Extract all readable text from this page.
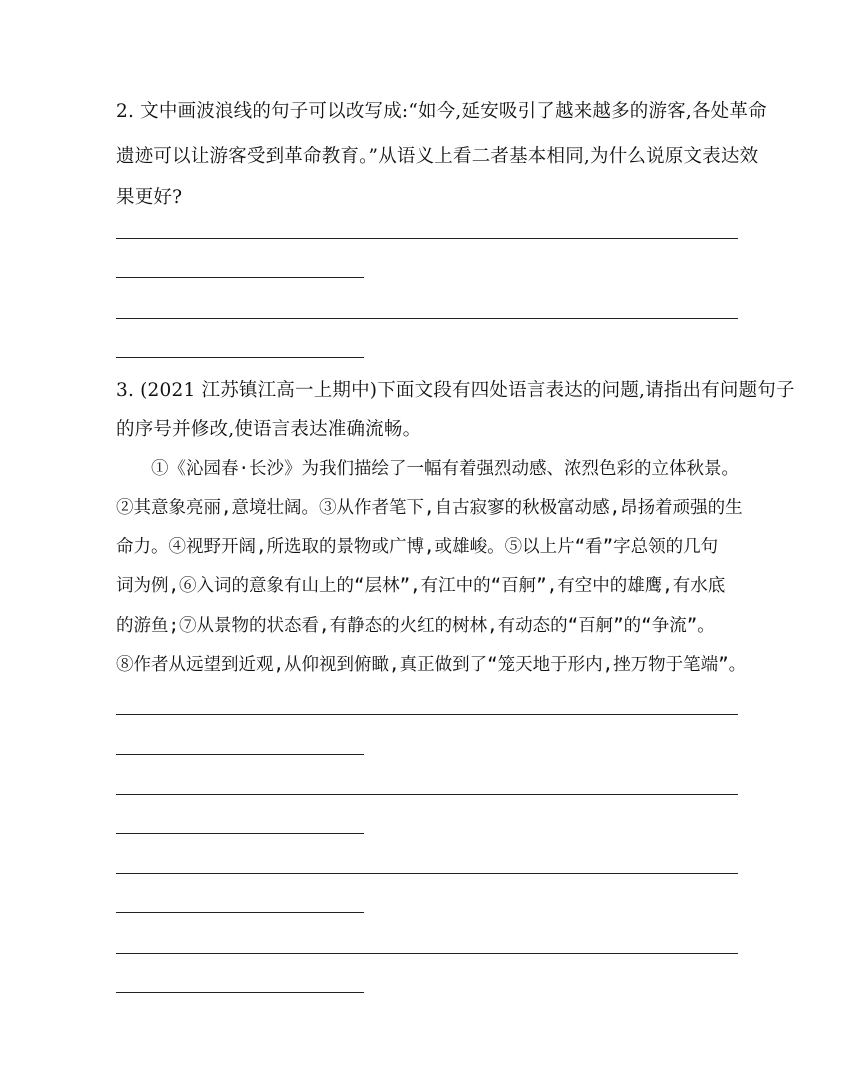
2. 文中画波浪线的句子可以改写成:“如今,延安吸引了越来越多的游客,各处革命
遗迹可以让游客受到革命教育。”从语义上看二者基本相同,为什么说原文表达效
果更好?
3. (2021 江苏镇江高一上期中)下面文段有四处语言表达的问题,请指出有问题句子
的序号并修改,使语言表达准确流畅。
　　①《沁园春·长沙》为我们描绘了一幅有着强烈动感、浓烈色彩的立体秋景。
②其意象亮丽,意境壮阔。③从作者笔下,自古寂寥的秋极富动感,昂扬着顽强的生
命力。④视野开阔,所选取的景物或广博,或雄峻。⑤以上片“看”字总领的几句
词为例,⑥入词的意象有山上的“层林”,有江中的“百舸”,有空中的雄鹰,有水底
的游鱼;⑦从景物的状态看,有静态的火红的树林,有动态的“百舸”的“争流”。
⑧作者从远望到近观,从仰视到俯瞰,真正做到了“笼天地于形内,挫万物于笔端”。
